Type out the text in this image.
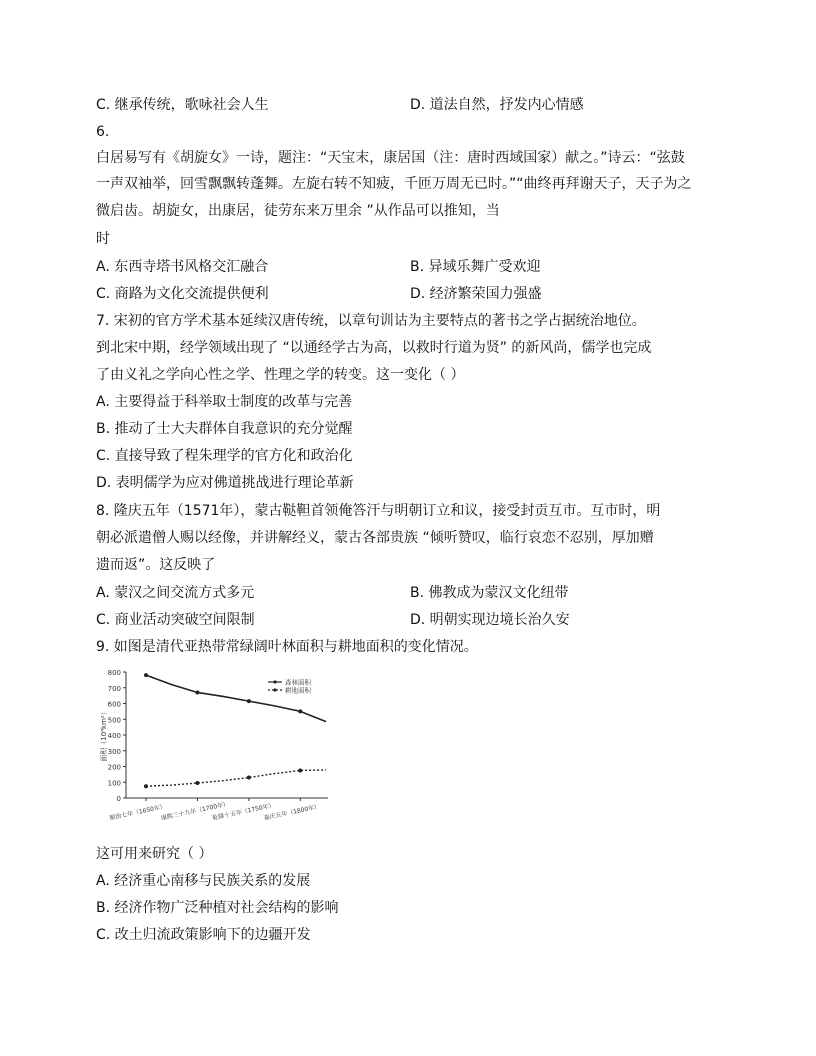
C. 继承传统，歌咏社会人生	D. 道法自然，抒发内心情感
6.
白居易写有《胡旋女》一诗，题注：“天宝末，康居国（注：唐时西域国家）献之。”诗云：“弦鼓
一声双袖举，回雪飘飘转蓬舞。左旋右转不知疲，千匝万周无已时。”“曲终再拜谢天子，天子为之
微启齿。胡旋女，出康居，徒劳东来万里余 ”从作品可以推知，当
时
A. 东西寺塔书风格交汇融合	B. 异域乐舞广受欢迎
C. 商路为文化交流提供便利	D. 经济繁荣国力强盛
7. 宋初的官方学术基本延续汉唐传统，以章句训诂为主要特点的著书之学占据统治地位。
到北宋中期，经学领域出现了 “以通经学古为高，以救时行道为贤” 的新风尚，儒学也完成
了由义礼之学向心性之学、性理之学的转变。这一变化（ ）
A. 主要得益于科举取士制度的改革与完善
B. 推动了士大夫群体自我意识的充分觉醒
C. 直接导致了程朱理学的官方化和政治化
D. 表明儒学为应对佛道挑战进行理论革新
8. 隆庆五年（1571年），蒙古鞑靼首领俺答汗与明朝订立和议，接受封贡互市。互市时，明
朝必派遣僧人赐以经像，并讲解经义，蒙古各部贵族 “倾听赞叹，临行哀恋不忍别，厚加赠
遗而返”。这反映了
A. 蒙汉之间交流方式多元	B. 佛教成为蒙汉文化纽带
C. 商业活动突破空间限制	D. 明朝实现边境长治久安
9. 如图是清代亚热带常绿阔叶林面积与耕地面积的变化情况。
0
100
200
300
400
500
600
700
800
面积（10⁴km²）
顺治七年（1650年）
康熙三十九年（1700年）
乾隆十五年（1750年）
嘉庆五年（1800年）
森林面积
耕地面积
这可用来研究（ ）
A. 经济重心南移与民族关系的发展
B. 经济作物广泛种植对社会结构的影响
C. 改土归流政策影响下的边疆开发
